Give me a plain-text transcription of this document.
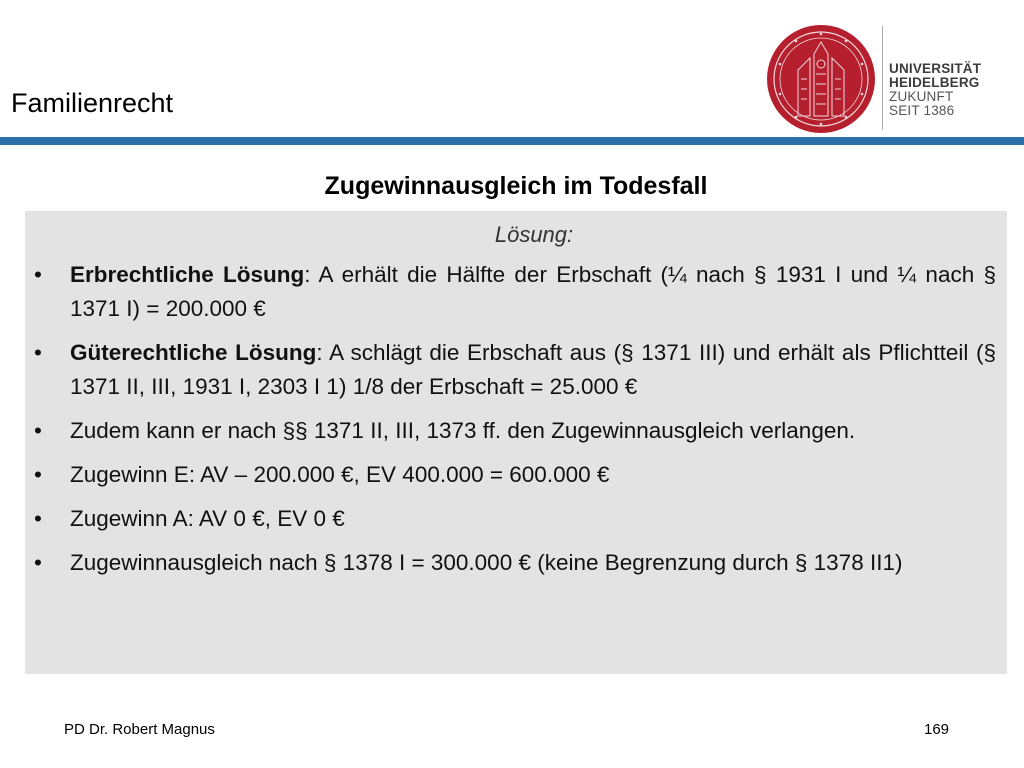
Familienrecht
UNIVERSITÄT
HEIDELBERG
ZUKUNFT
SEIT 1386
Zugewinnausgleich im Todesfall
Lösung:
•	Erbrechtliche Lösung: A erhält die Hälfte der Erbschaft (¼ nach § 1931 I und ¼ nach § 1371 I) = 200.000 €
•	Güterechtliche Lösung: A schlägt die Erbschaft aus (§ 1371 III) und erhält als Pflichtteil (§ 1371 II, III, 1931 I, 2303 I 1) 1/8 der Erbschaft = 25.000 €
•	Zudem kann er nach §§ 1371 II, III, 1373 ff. den Zugewinnausgleich verlangen.
•	Zugewinn E: AV – 200.000 €, EV 400.000 = 600.000 €
•	Zugewinn A: AV 0 €, EV 0 €
•	Zugewinnausgleich nach § 1378 I = 300.000 € (keine Begrenzung durch § 1378 II1)
PD Dr. Robert Magnus	169
